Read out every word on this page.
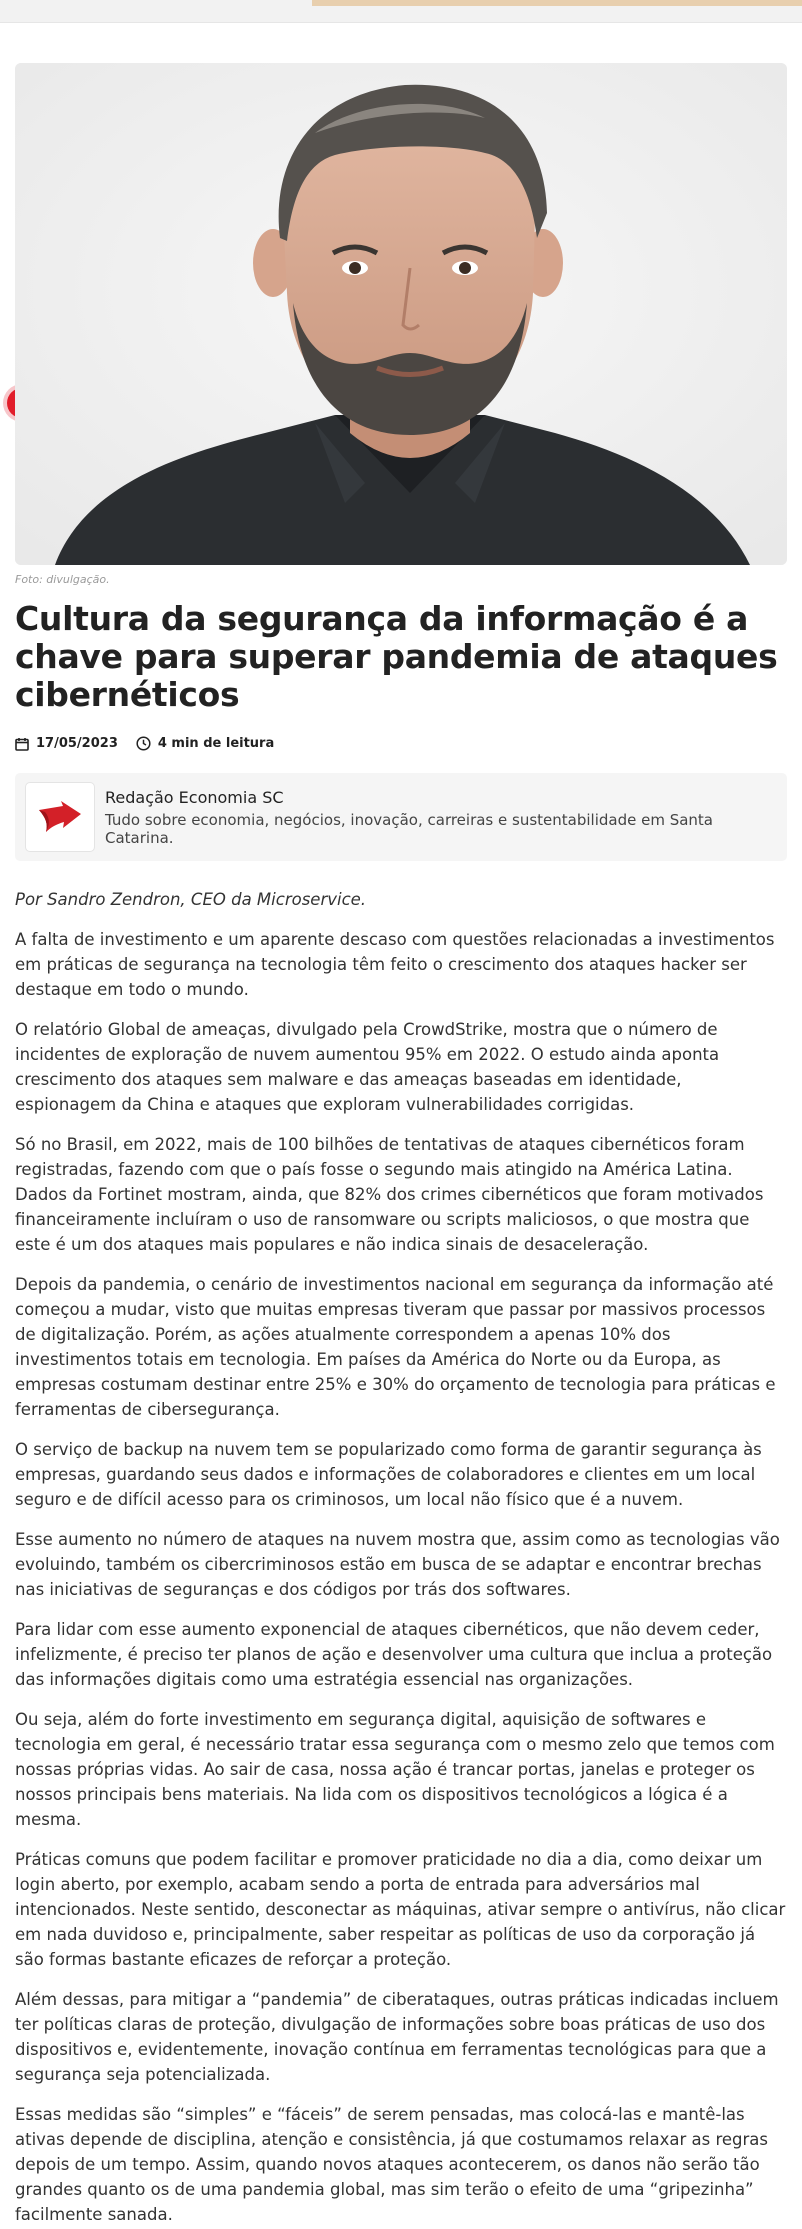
Foto: divulgação.
Cultura da segurança da informação é a chave para superar pandemia de ataques cibernéticos
17/05/2023	4 min de leitura
Redação Economia SC
Tudo sobre economia, negócios, inovação, carreiras e sustentabilidade em Santa Catarina.

Por Sandro Zendron, CEO da Microservice.

A falta de investimento e um aparente descaso com questões relacionadas a investimentos em práticas de segurança na tecnologia têm feito o crescimento dos ataques hacker ser destaque em todo o mundo.

O relatório Global de ameaças, divulgado pela CrowdStrike, mostra que o número de incidentes de exploração de nuvem aumentou 95% em 2022. O estudo ainda aponta crescimento dos ataques sem malware e das ameaças baseadas em identidade, espionagem da China e ataques que exploram vulnerabilidades corrigidas.

Só no Brasil, em 2022, mais de 100 bilhões de tentativas de ataques cibernéticos foram registradas, fazendo com que o país fosse o segundo mais atingido na América Latina. Dados da Fortinet mostram, ainda, que 82% dos crimes cibernéticos que foram motivados financeiramente incluíram o uso de ransomware ou scripts maliciosos, o que mostra que este é um dos ataques mais populares e não indica sinais de desaceleração.

Depois da pandemia, o cenário de investimentos nacional em segurança da informação até começou a mudar, visto que muitas empresas tiveram que passar por massivos processos de digitalização. Porém, as ações atualmente correspondem a apenas 10% dos investimentos totais em tecnologia. Em países da América do Norte ou da Europa, as empresas costumam destinar entre 25% e 30% do orçamento de tecnologia para práticas e ferramentas de cibersegurança.

O serviço de backup na nuvem tem se popularizado como forma de garantir segurança às empresas, guardando seus dados e informações de colaboradores e clientes em um local seguro e de difícil acesso para os criminosos, um local não físico que é a nuvem.

Esse aumento no número de ataques na nuvem mostra que, assim como as tecnologias vão evoluindo, também os cibercriminosos estão em busca de se adaptar e encontrar brechas nas iniciativas de seguranças e dos códigos por trás dos softwares.

Para lidar com esse aumento exponencial de ataques cibernéticos, que não devem ceder, infelizmente, é preciso ter planos de ação e desenvolver uma cultura que inclua a proteção das informações digitais como uma estratégia essencial nas organizações.

Ou seja, além do forte investimento em segurança digital, aquisição de softwares e tecnologia em geral, é necessário tratar essa segurança com o mesmo zelo que temos com nossas próprias vidas. Ao sair de casa, nossa ação é trancar portas, janelas e proteger os nossos principais bens materiais. Na lida com os dispositivos tecnológicos a lógica é a mesma.

Práticas comuns que podem facilitar e promover praticidade no dia a dia, como deixar um login aberto, por exemplo, acabam sendo a porta de entrada para adversários mal intencionados. Neste sentido, desconectar as máquinas, ativar sempre o antivírus, não clicar em nada duvidoso e, principalmente, saber respeitar as políticas de uso da corporação já são formas bastante eficazes de reforçar a proteção.

Além dessas, para mitigar a “pandemia” de ciberataques, outras práticas indicadas incluem ter políticas claras de proteção, divulgação de informações sobre boas práticas de uso dos dispositivos e, evidentemente, inovação contínua em ferramentas tecnológicas para que a segurança seja potencializada.

Essas medidas são “simples” e “fáceis” de serem pensadas, mas colocá-las e mantê-las ativas depende de disciplina, atenção e consistência, já que costumamos relaxar as regras depois de um tempo. Assim, quando novos ataques acontecerem, os danos não serão tão grandes quanto os de uma pandemia global, mas sim terão o efeito de uma “gripezinha” facilmente sanada.
